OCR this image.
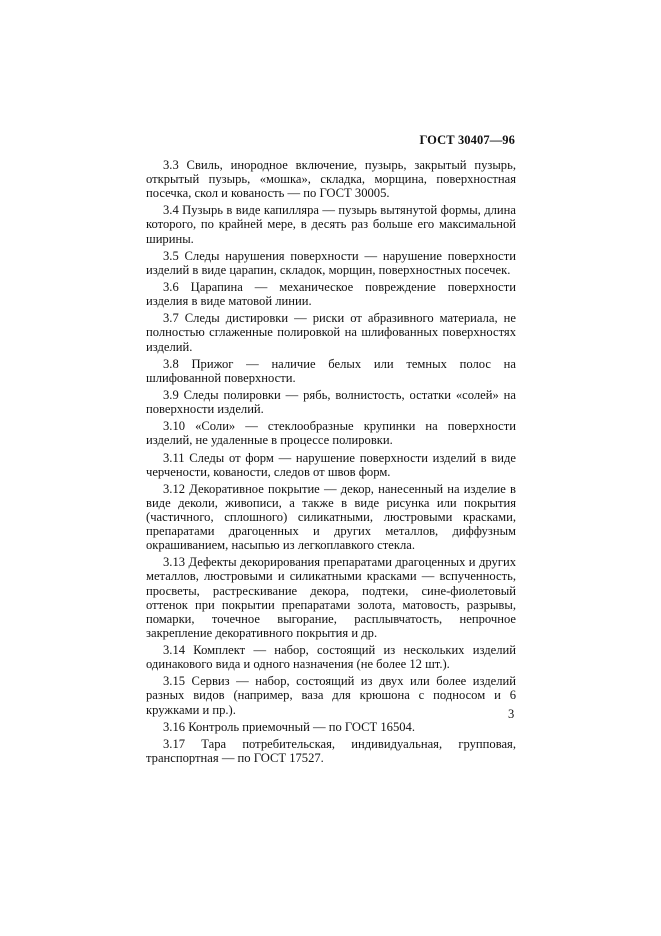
ГОСТ 30407—96

3.3 Свиль, инородное включение, пузырь, закрытый пузырь, открытый пузырь, «мошка», складка, морщина, поверхностная посечка, скол и кованость — по ГОСТ 30005.

3.4 Пузырь в виде капилляра — пузырь вытянутой формы, длина которого, по крайней мере, в десять раз больше его максимальной ширины.

3.5 Следы нарушения поверхности — нарушение поверхности изделий в виде царапин, складок, морщин, поверхностных посечек.

3.6 Царапина — механическое повреждение поверхности изделия в виде матовой линии.

3.7 Следы дистировки — риски от абразивного материала, не полностью сглаженные полировкой на шлифованных поверхностях изделий.

3.8 Прижог — наличие белых или темных полос на шлифованной поверхности.

3.9 Следы полировки — рябь, волнистость, остатки «солей» на поверхности изделий.

3.10 «Соли» — стеклообразные крупинки на поверхности изделий, не удаленные в процессе полировки.

3.11 Следы от форм — нарушение поверхности изделий в виде черчености, кованости, следов от швов форм.

3.12 Декоративное покрытие — декор, нанесенный на изделие в виде деколи, живописи, а также в виде рисунка или покрытия (частичного, сплошного) силикатными, люстровыми красками, препаратами драгоценных и других металлов, диффузным окрашиванием, насыпью из легкоплавкого стекла.

3.13 Дефекты декорирования препаратами драгоценных и других металлов, люстровыми и силикатными красками — вспученность, просветы, растрескивание декора, подтеки, сине-фиолетовый оттенок при покрытии препаратами золота, матовость, разрывы, помарки, точечное выгорание, расплывчатость, непрочное закрепление декоративного покрытия и др.

3.14 Комплект — набор, состоящий из нескольких изделий одинакового вида и одного назначения (не более 12 шт.).

3.15 Сервиз — набор, состоящий из двух или более изделий разных видов (например, ваза для крюшона с подносом и 6 кружками и пр.).

3.16 Контроль приемочный — по ГОСТ 16504.

3.17 Тара потребительская, индивидуальная, групповая, транспортная — по ГОСТ 17527.

3
